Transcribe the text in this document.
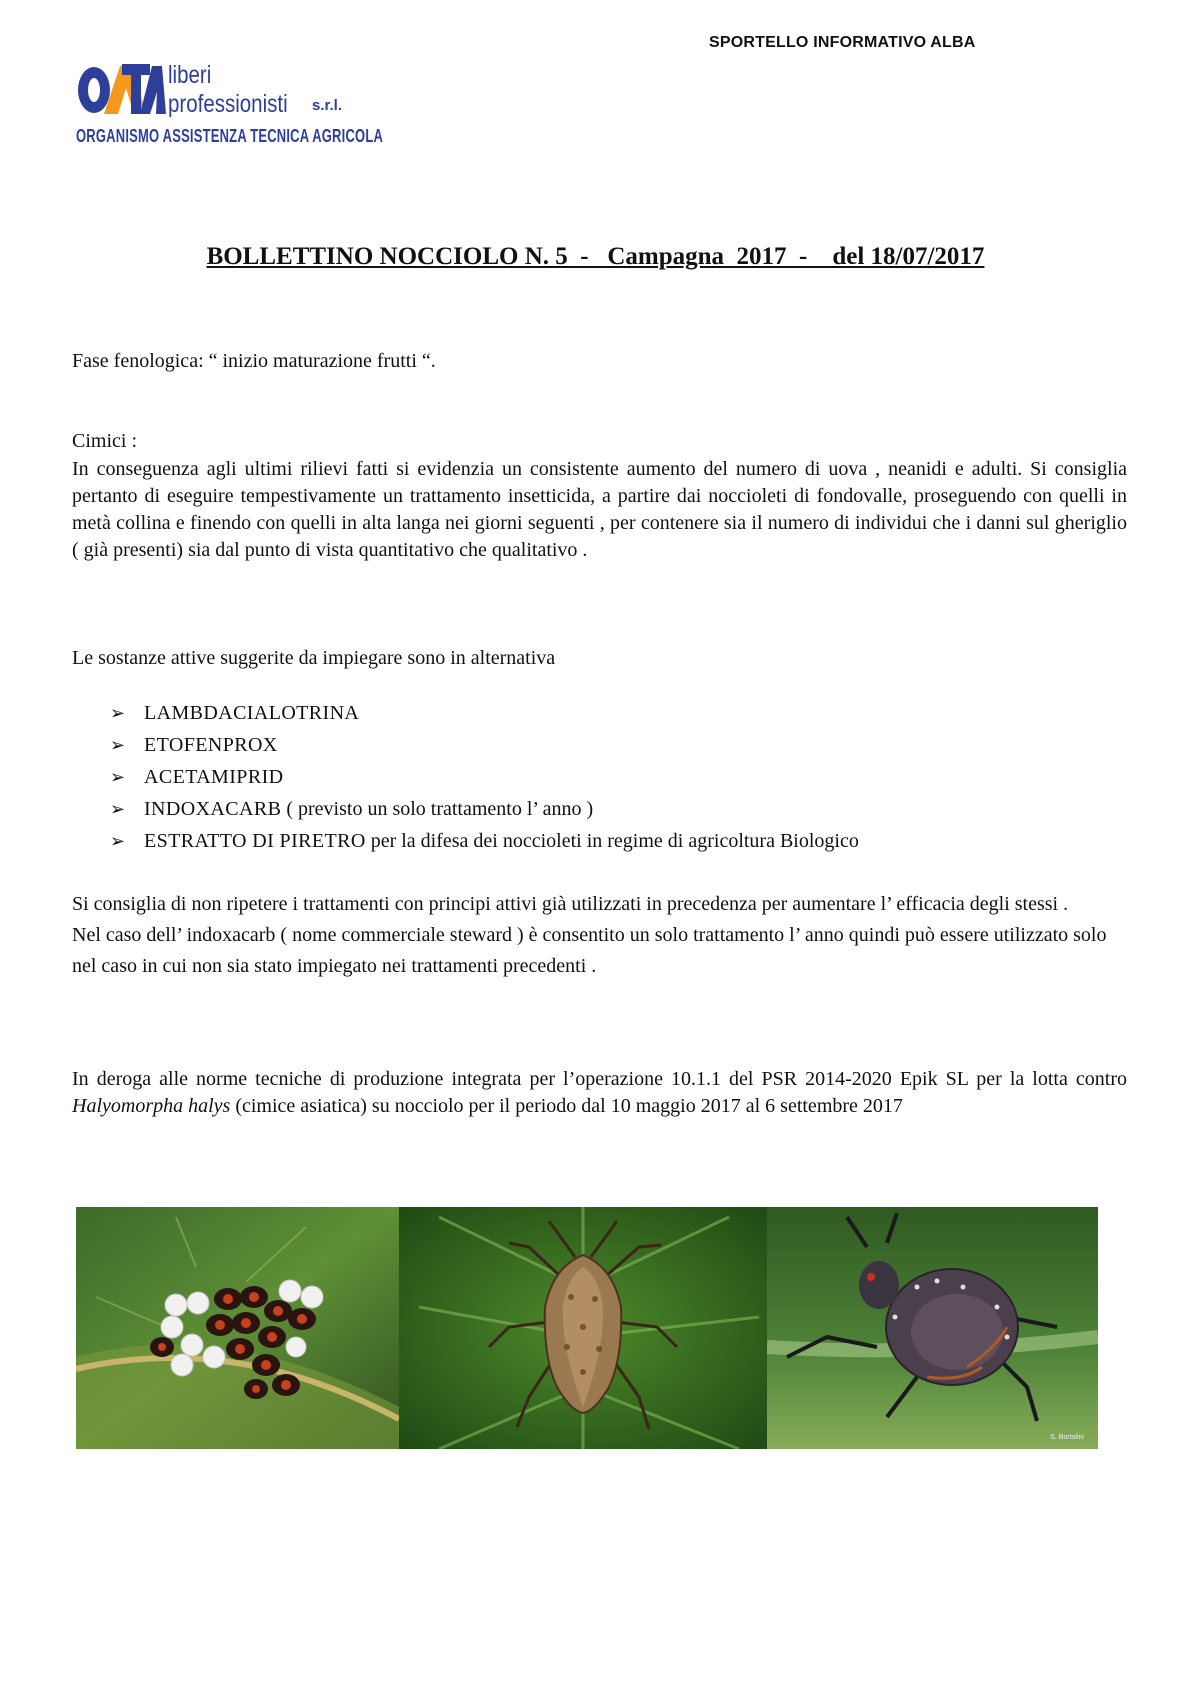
SPORTELLO INFORMATIVO ALBA
liberi
professionisti s.r.l.
ORGANISMO ASSISTENZA TECNICA AGRICOLA
BOLLETTINO NOCCIOLO N. 5  -   Campagna  2017  -    del 18/07/2017
Fase fenologica: “ inizio maturazione frutti “.
Cimici :
In conseguenza agli ultimi rilievi fatti si evidenzia un consistente aumento del numero di uova , neanidi e adulti. Si consiglia pertanto di eseguire tempestivamente un trattamento insetticida, a partire dai noccioleti di fondovalle, proseguendo con quelli in metà collina e finendo con quelli in alta langa nei giorni seguenti , per contenere sia il numero di individui che i danni sul gheriglio ( già presenti) sia dal punto di vista quantitativo che qualitativo .
Le sostanze attive suggerite da impiegare sono in alternativa
➢ LAMBDACIALOTRINA
➢ ETOFENPROX
➢ ACETAMIPRID
➢ INDOXACARB ( previsto un solo trattamento l’ anno )
➢ ESTRATTO DI PIRETRO per la difesa dei noccioleti in regime di agricoltura Biologico
Si consiglia di non ripetere i trattamenti con principi attivi già utilizzati in precedenza per aumentare l’ efficacia degli stessi .
Nel caso dell’ indoxacarb ( nome commerciale steward ) è consentito un solo trattamento l’ anno quindi può essere utilizzato solo nel caso in cui non sia stato impiegato nei trattamenti precedenti .
In deroga alle norme tecniche di produzione integrata per l’operazione 10.1.1 del PSR 2014-2020 Epik SL per la lotta contro Halyomorpha halys (cimice asiatica) su nocciolo per il periodo dal 10 maggio 2017 al 6 settembre 2017
S. Bortolini
